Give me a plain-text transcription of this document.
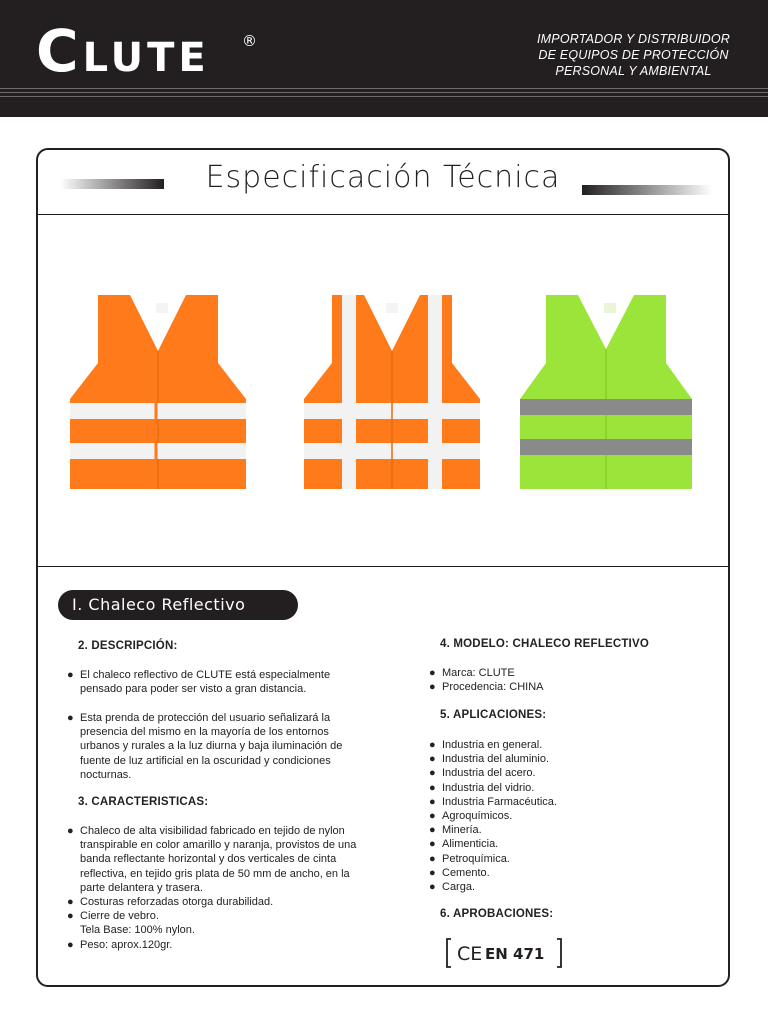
C LUTE ®	IMPORTADOR Y DISTRIBUIDOR
DE EQUIPOS DE PROTECCIÓN
PERSONAL Y AMBIENTAL
Especificación Técnica
I. Chaleco Reflectivo
2. DESCRIPCIÓN:
● El chaleco reflectivo de CLUTE está especialmente
pensado para poder ser visto a gran distancia.
● Esta prenda de protección del usuario señalizará la
presencia del mismo en la mayoría de los entornos
urbanos y rurales a la luz diurna y baja iluminación de
fuente de luz artificial en la oscuridad y condiciones
nocturnas.
3. CARACTERISTICAS:
● Chaleco de alta visibilidad fabricado en tejido de nylon
transpirable en color amarillo y naranja, provistos de una
banda reflectante horizontal y dos verticales de cinta
reflectiva, en tejido gris plata de 50 mm de ancho, en la
parte delantera y trasera.
● Costuras reforzadas otorga durabilidad.
● Cierre de vebro.
Tela Base: 100% nylon.
● Peso: aprox.120gr.
4. MODELO: CHALECO REFLECTIVO
● Marca: CLUTE
● Procedencia: CHINA
5. APLICACIONES:
● Industria en general.
● Industria del aluminio.
● Industria del acero.
● Industria del vidrio.
● Industria Farmacéutica.
● Agroquímicos.
● Minería.
● Alimenticia.
● Petroquímica.
● Cemento.
● Carga.
6. APROBACIONES:
CE EN 471
